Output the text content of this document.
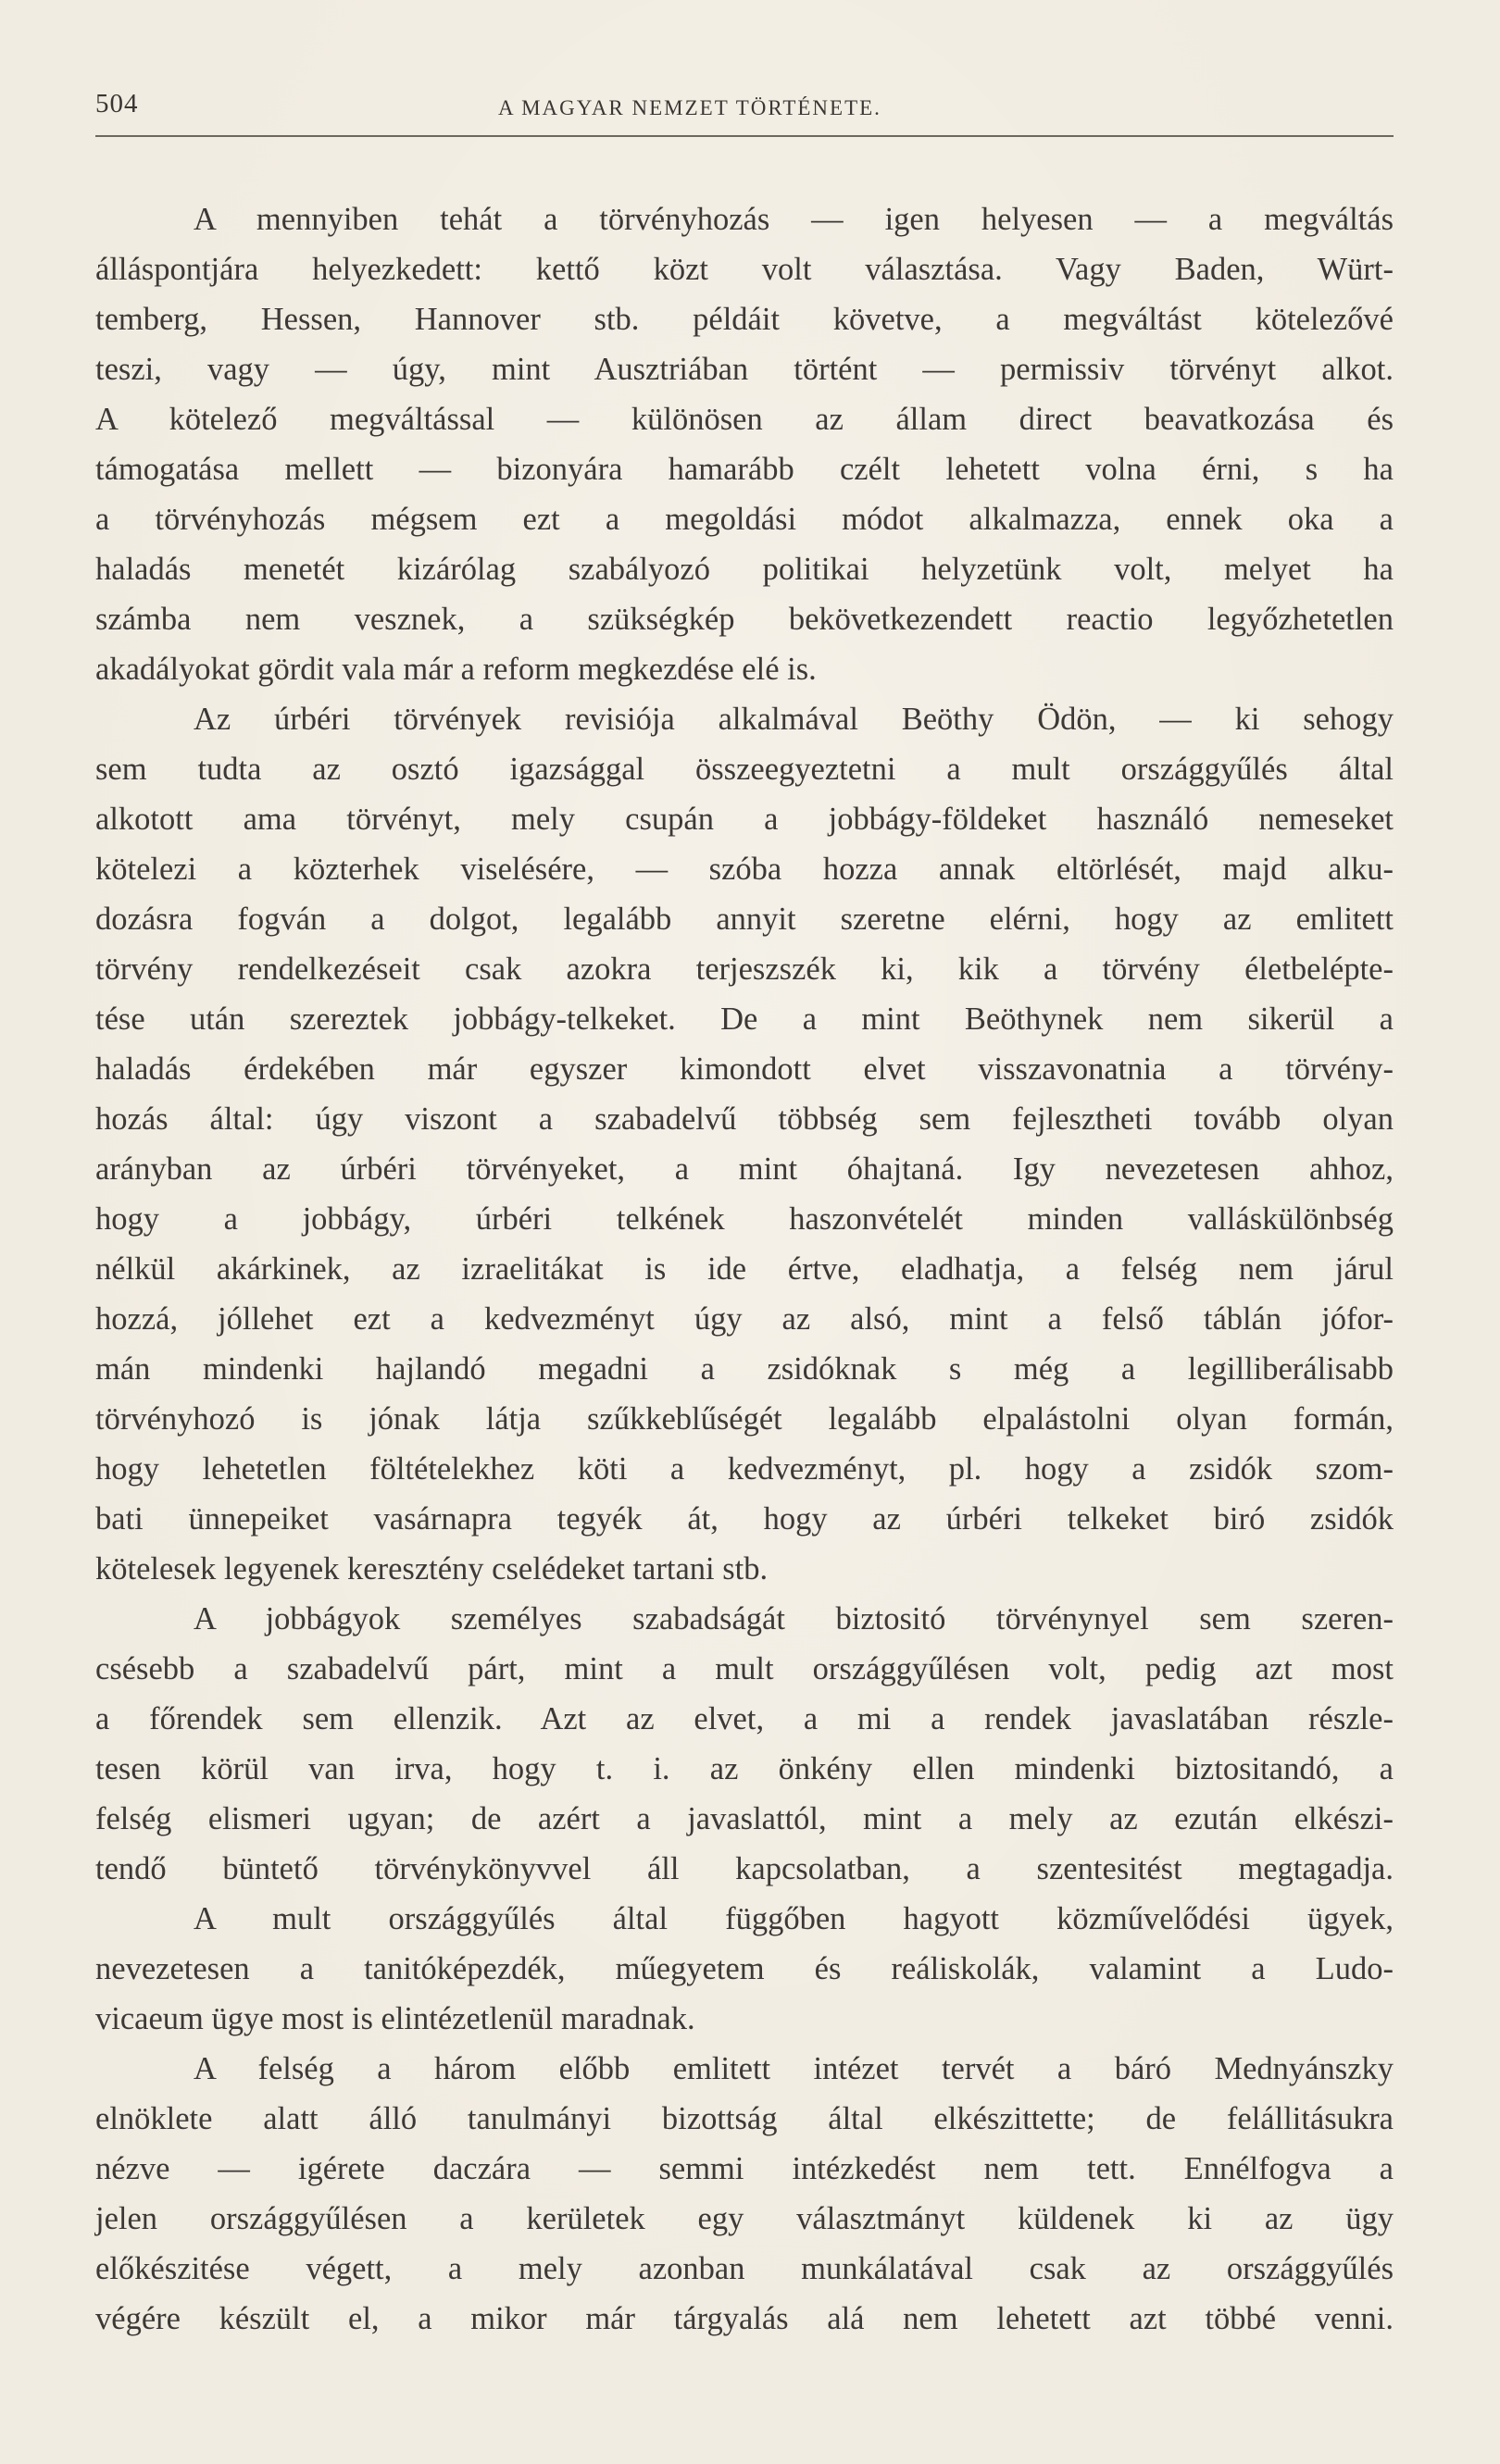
504	A MAGYAR NEMZET TÖRTÉNETE.
A mennyiben tehát a törvényhozás — igen helyesen — a megváltás
álláspontjára helyezkedett: kettő közt volt választása. Vagy Baden, Würt-
temberg, Hessen, Hannover stb. példáit követve, a megváltást kötelezővé
teszi, vagy — úgy, mint Ausztriában történt — permissiv törvényt alkot.
A kötelező megváltással — különösen az állam direct beavatkozása és
támogatása mellett — bizonyára hamarább czélt lehetett volna érni, s ha
a törvényhozás mégsem ezt a megoldási módot alkalmazza, ennek oka a
haladás menetét kizárólag szabályozó politikai helyzetünk volt, melyet ha
számba nem vesznek, a szükségkép bekövetkezendett reactio legyőzhetetlen
akadályokat gördit vala már a reform megkezdése elé is.
Az úrbéri törvények revisiója alkalmával Beöthy Ödön, — ki sehogy
sem tudta az osztó igazsággal összeegyeztetni a mult országgyűlés által
alkotott ama törvényt, mely csupán a jobbágy-földeket használó nemeseket
kötelezi a közterhek viselésére, — szóba hozza annak eltörlését, majd alku-
dozásra fogván a dolgot, legalább annyit szeretne elérni, hogy az emlitett
törvény rendelkezéseit csak azokra terjeszszék ki, kik a törvény életbelépte-
tése után szereztek jobbágy-telkeket. De a mint Beöthynek nem sikerül a
haladás érdekében már egyszer kimondott elvet visszavonatnia a törvény-
hozás által: úgy viszont a szabadelvű többség sem fejlesztheti tovább olyan
arányban az úrbéri törvényeket, a mint óhajtaná. Igy nevezetesen ahhoz,
hogy a jobbágy, úrbéri telkének haszonvételét minden valláskülönbség
nélkül akárkinek, az izraelitákat is ide értve, eladhatja, a felség nem járul
hozzá, jóllehet ezt a kedvezményt úgy az alsó, mint a felső táblán jófor-
mán mindenki hajlandó megadni a zsidóknak s még a legilliberálisabb
törvényhozó is jónak látja szűkkeblűségét legalább elpalástolni olyan formán,
hogy lehetetlen föltételekhez köti a kedvezményt, pl. hogy a zsidók szom-
bati ünnepeiket vasárnapra tegyék át, hogy az úrbéri telkeket biró zsidók
kötelesek legyenek keresztény cselédeket tartani stb.
A jobbágyok személyes szabadságát biztositó törvénynyel sem szeren-
csésebb a szabadelvű párt, mint a mult országgyűlésen volt, pedig azt most
a főrendek sem ellenzik. Azt az elvet, a mi a rendek javaslatában részle-
tesen körül van irva, hogy t. i. az önkény ellen mindenki biztositandó, a
felség elismeri ugyan; de azért a javaslattól, mint a mely az ezután elkészi-
tendő büntető törvénykönyvvel áll kapcsolatban, a szentesitést megtagadja.
A mult országgyűlés által függőben hagyott közművelődési ügyek,
nevezetesen a tanitóképezdék, műegyetem és reáliskolák, valamint a Ludo-
vicaeum ügye most is elintézetlenül maradnak.
A felség a három előbb emlitett intézet tervét a báró Mednyánszky
elnöklete alatt álló tanulmányi bizottság által elkészittette; de felállitásukra
nézve — igérete daczára — semmi intézkedést nem tett. Ennélfogva a
jelen országgyűlésen a kerületek egy választmányt küldenek ki az ügy
előkészitése végett, a mely azonban munkálatával csak az országgyűlés
végére készült el, a mikor már tárgyalás alá nem lehetett azt többé venni.
